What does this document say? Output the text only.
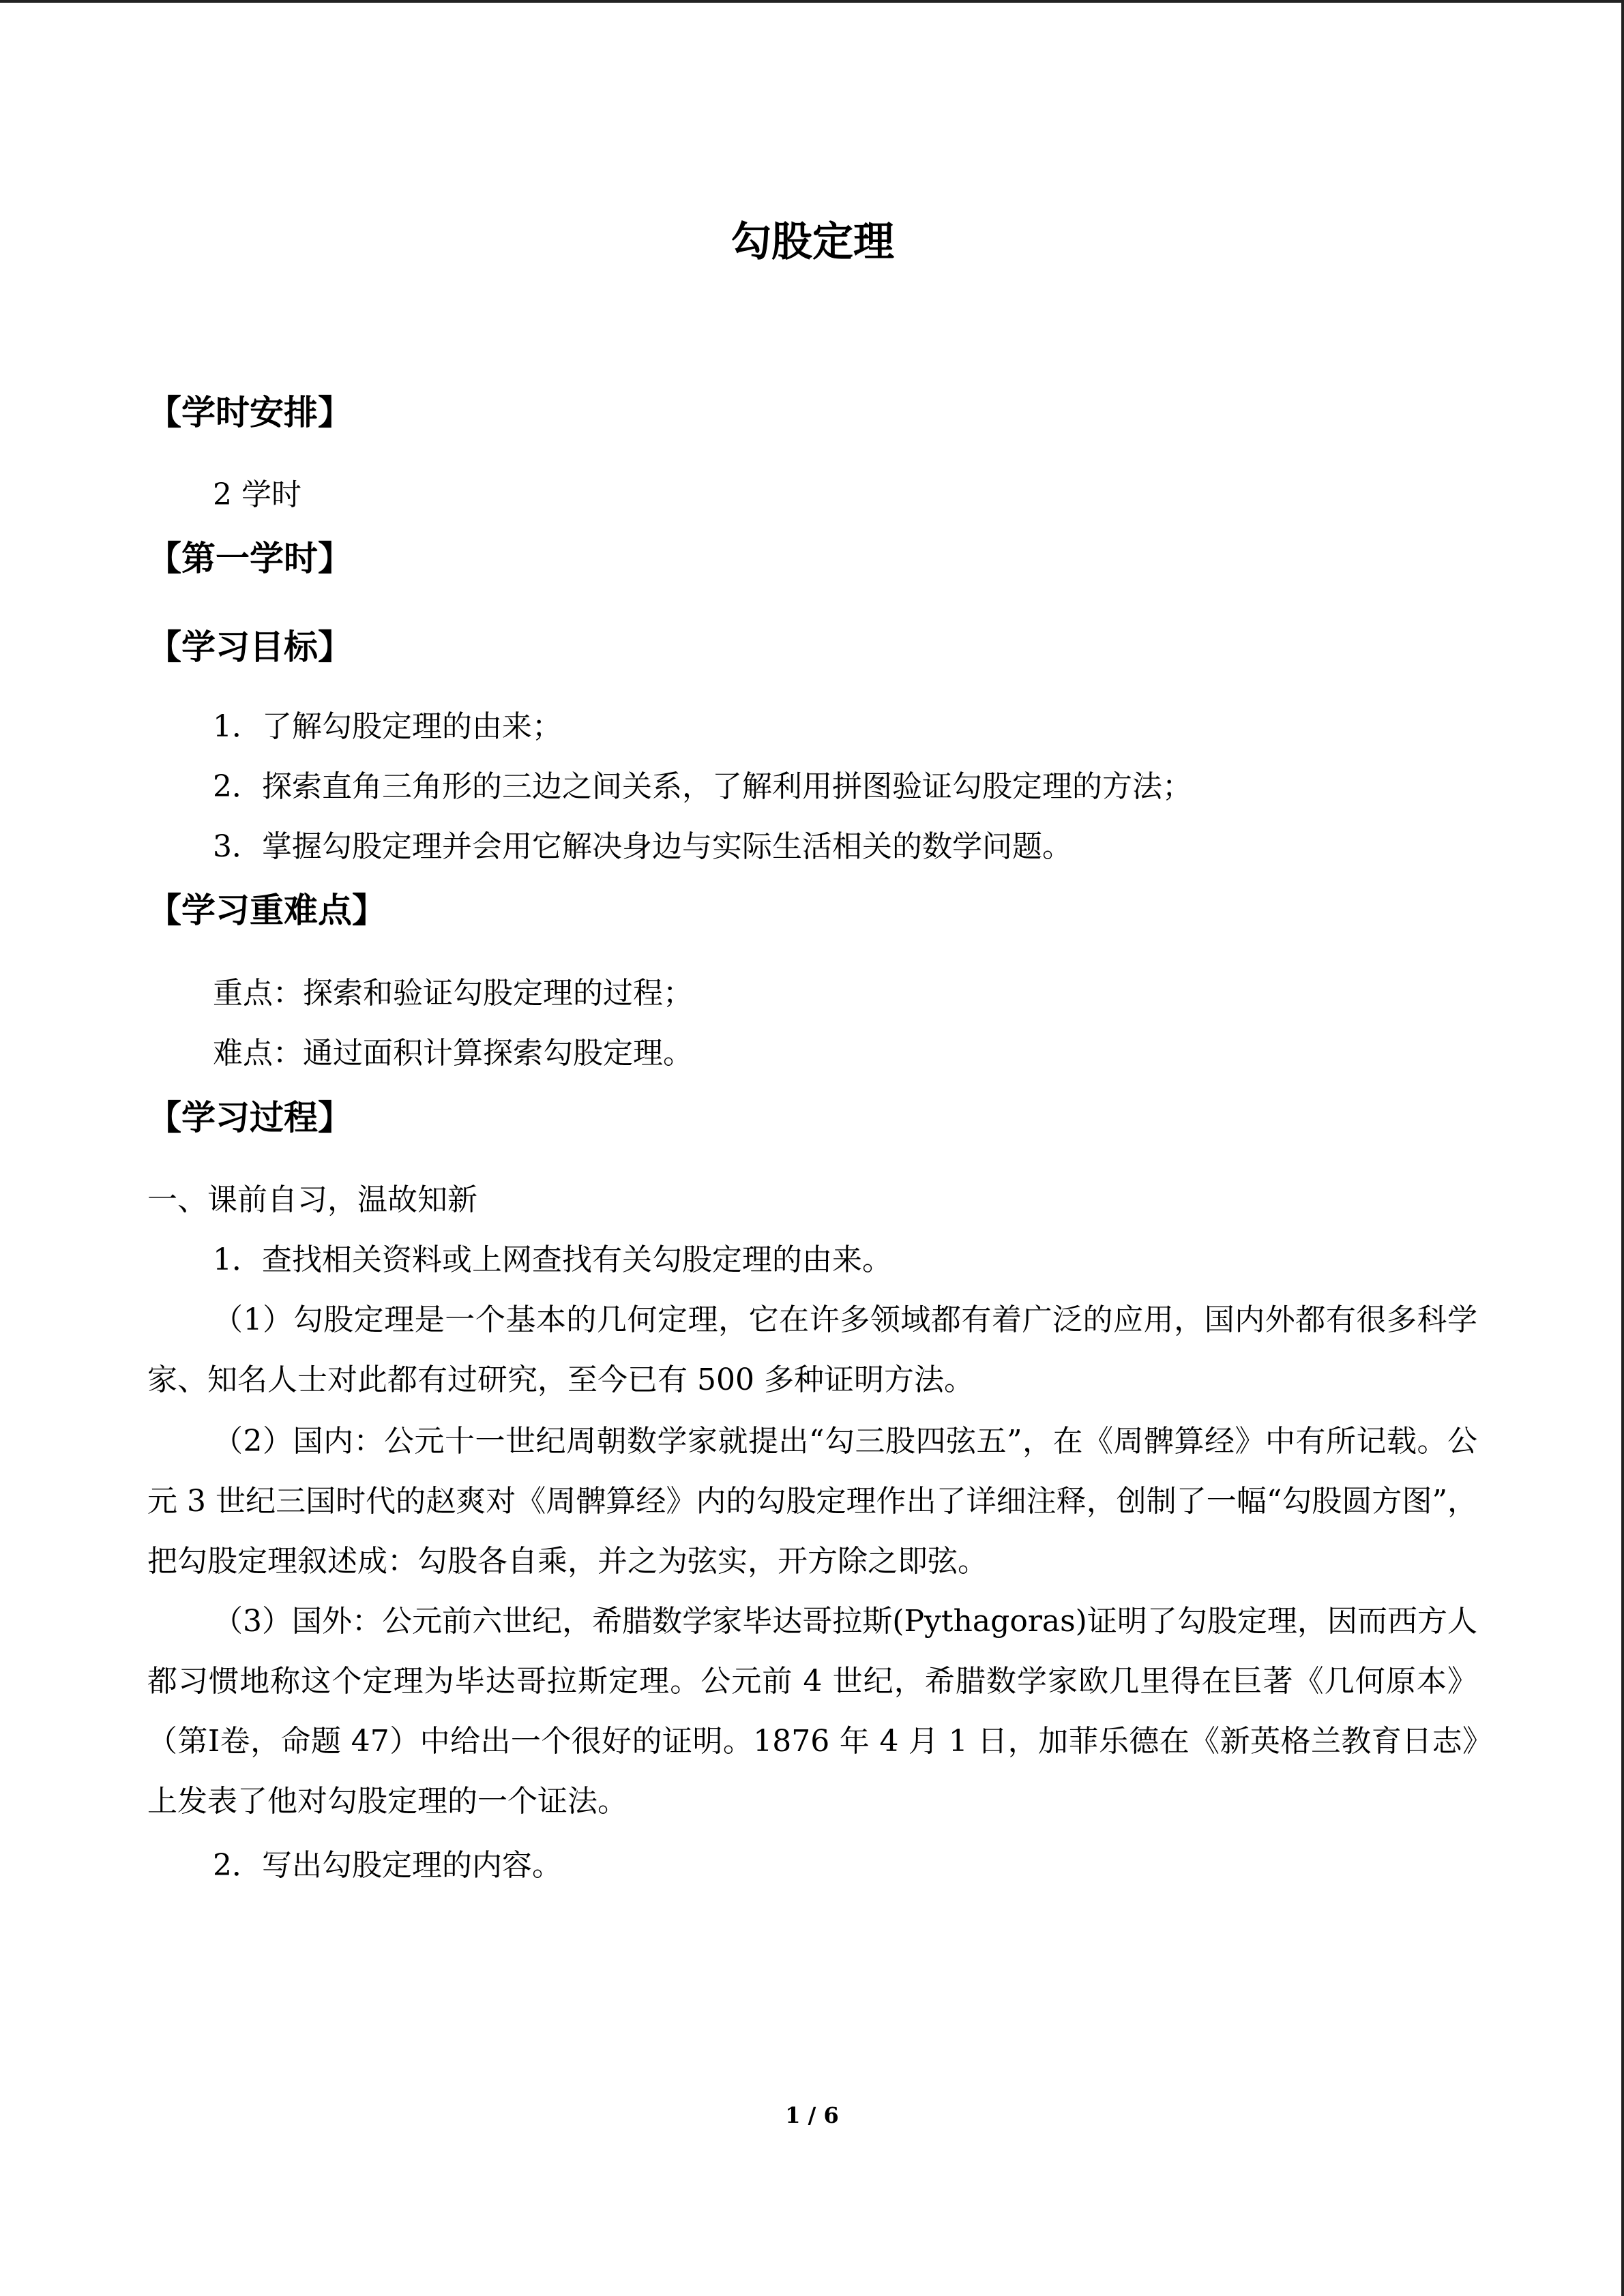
勾股定理
【学时安排】
2 学时
【第一学时】
【学习目标】
1．了解勾股定理的由来；
2．探索直角三角形的三边之间关系，了解利用拼图验证勾股定理的方法；
3．掌握勾股定理并会用它解决身边与实际生活相关的数学问题。
【学习重难点】
重点：探索和验证勾股定理的过程；
难点：通过面积计算探索勾股定理。
【学习过程】
一、课前自习，温故知新
1．查找相关资料或上网查找有关勾股定理的由来。

（1）勾股定理是一个基本的几何定理，它在许多领域都有着广泛的应用，国内外都有很多科学家、知名人士对此都有过研究，至今已有 500 多种证明方法。

（2）国内：公元十一世纪周朝数学家就提出“勾三股四弦五”，在《周髀算经》中有所记载。公元 3 世纪三国时代的赵爽对《周髀算经》内的勾股定理作出了详细注释，创制了一幅“勾股圆方图”，把勾股定理叙述成：勾股各自乘，并之为弦实，开方除之即弦。

（3）国外：公元前六世纪，希腊数学家毕达哥拉斯(Pythagoras)证明了勾股定理，因而西方人都习惯地称这个定理为毕达哥拉斯定理。公元前 4 世纪，希腊数学家欧几里得在巨著《几何原本》（第Ⅰ卷，命题 47）中给出一个很好的证明。1876 年 4 月 1 日，加菲乐德在《新英格兰教育日志》上发表了他对勾股定理的一个证法。

2．写出勾股定理的内容。
1 / 6
